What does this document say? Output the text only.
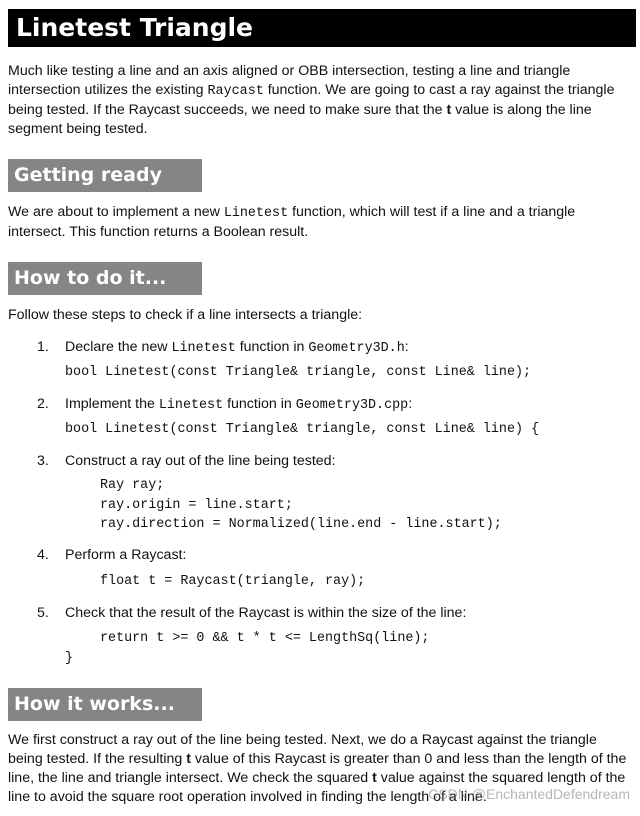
Linetest Triangle

Much like testing a line and an axis aligned or OBB intersection, testing a line and triangle intersection utilizes the existing Raycast function. We are going to cast a ray against the triangle being tested. If the Raycast succeeds, we need to make sure that the t value is along the line segment being tested.

Getting ready

We are about to implement a new Linetest function, which will test if a line and a triangle intersect. This function returns a Boolean result.

How to do it...

Follow these steps to check if a line intersects a triangle:

1. Declare the new Linetest function in Geometry3D.h:
bool Linetest(const Triangle& triangle, const Line& line);
2. Implement the Linetest function in Geometry3D.cpp:
bool Linetest(const Triangle& triangle, const Line& line) {
3. Construct a ray out of the line being tested:
Ray ray;
ray.origin = line.start;
ray.direction = Normalized(line.end - line.start);
4. Perform a Raycast:
float t = Raycast(triangle, ray);
5. Check that the result of the Raycast is within the size of the line:
return t >= 0 && t * t <= LengthSq(line);
}
How it works...

We first construct a ray out of the line being tested. Next, we do a Raycast against the triangle being tested. If the resulting t value of this Raycast is greater than 0 and less than the length of the line, the line and triangle intersect. We check the squared t value against the squared length of the line to avoid the square root operation involved in finding the length of a line.

CSDN @EnchantedDefendream
